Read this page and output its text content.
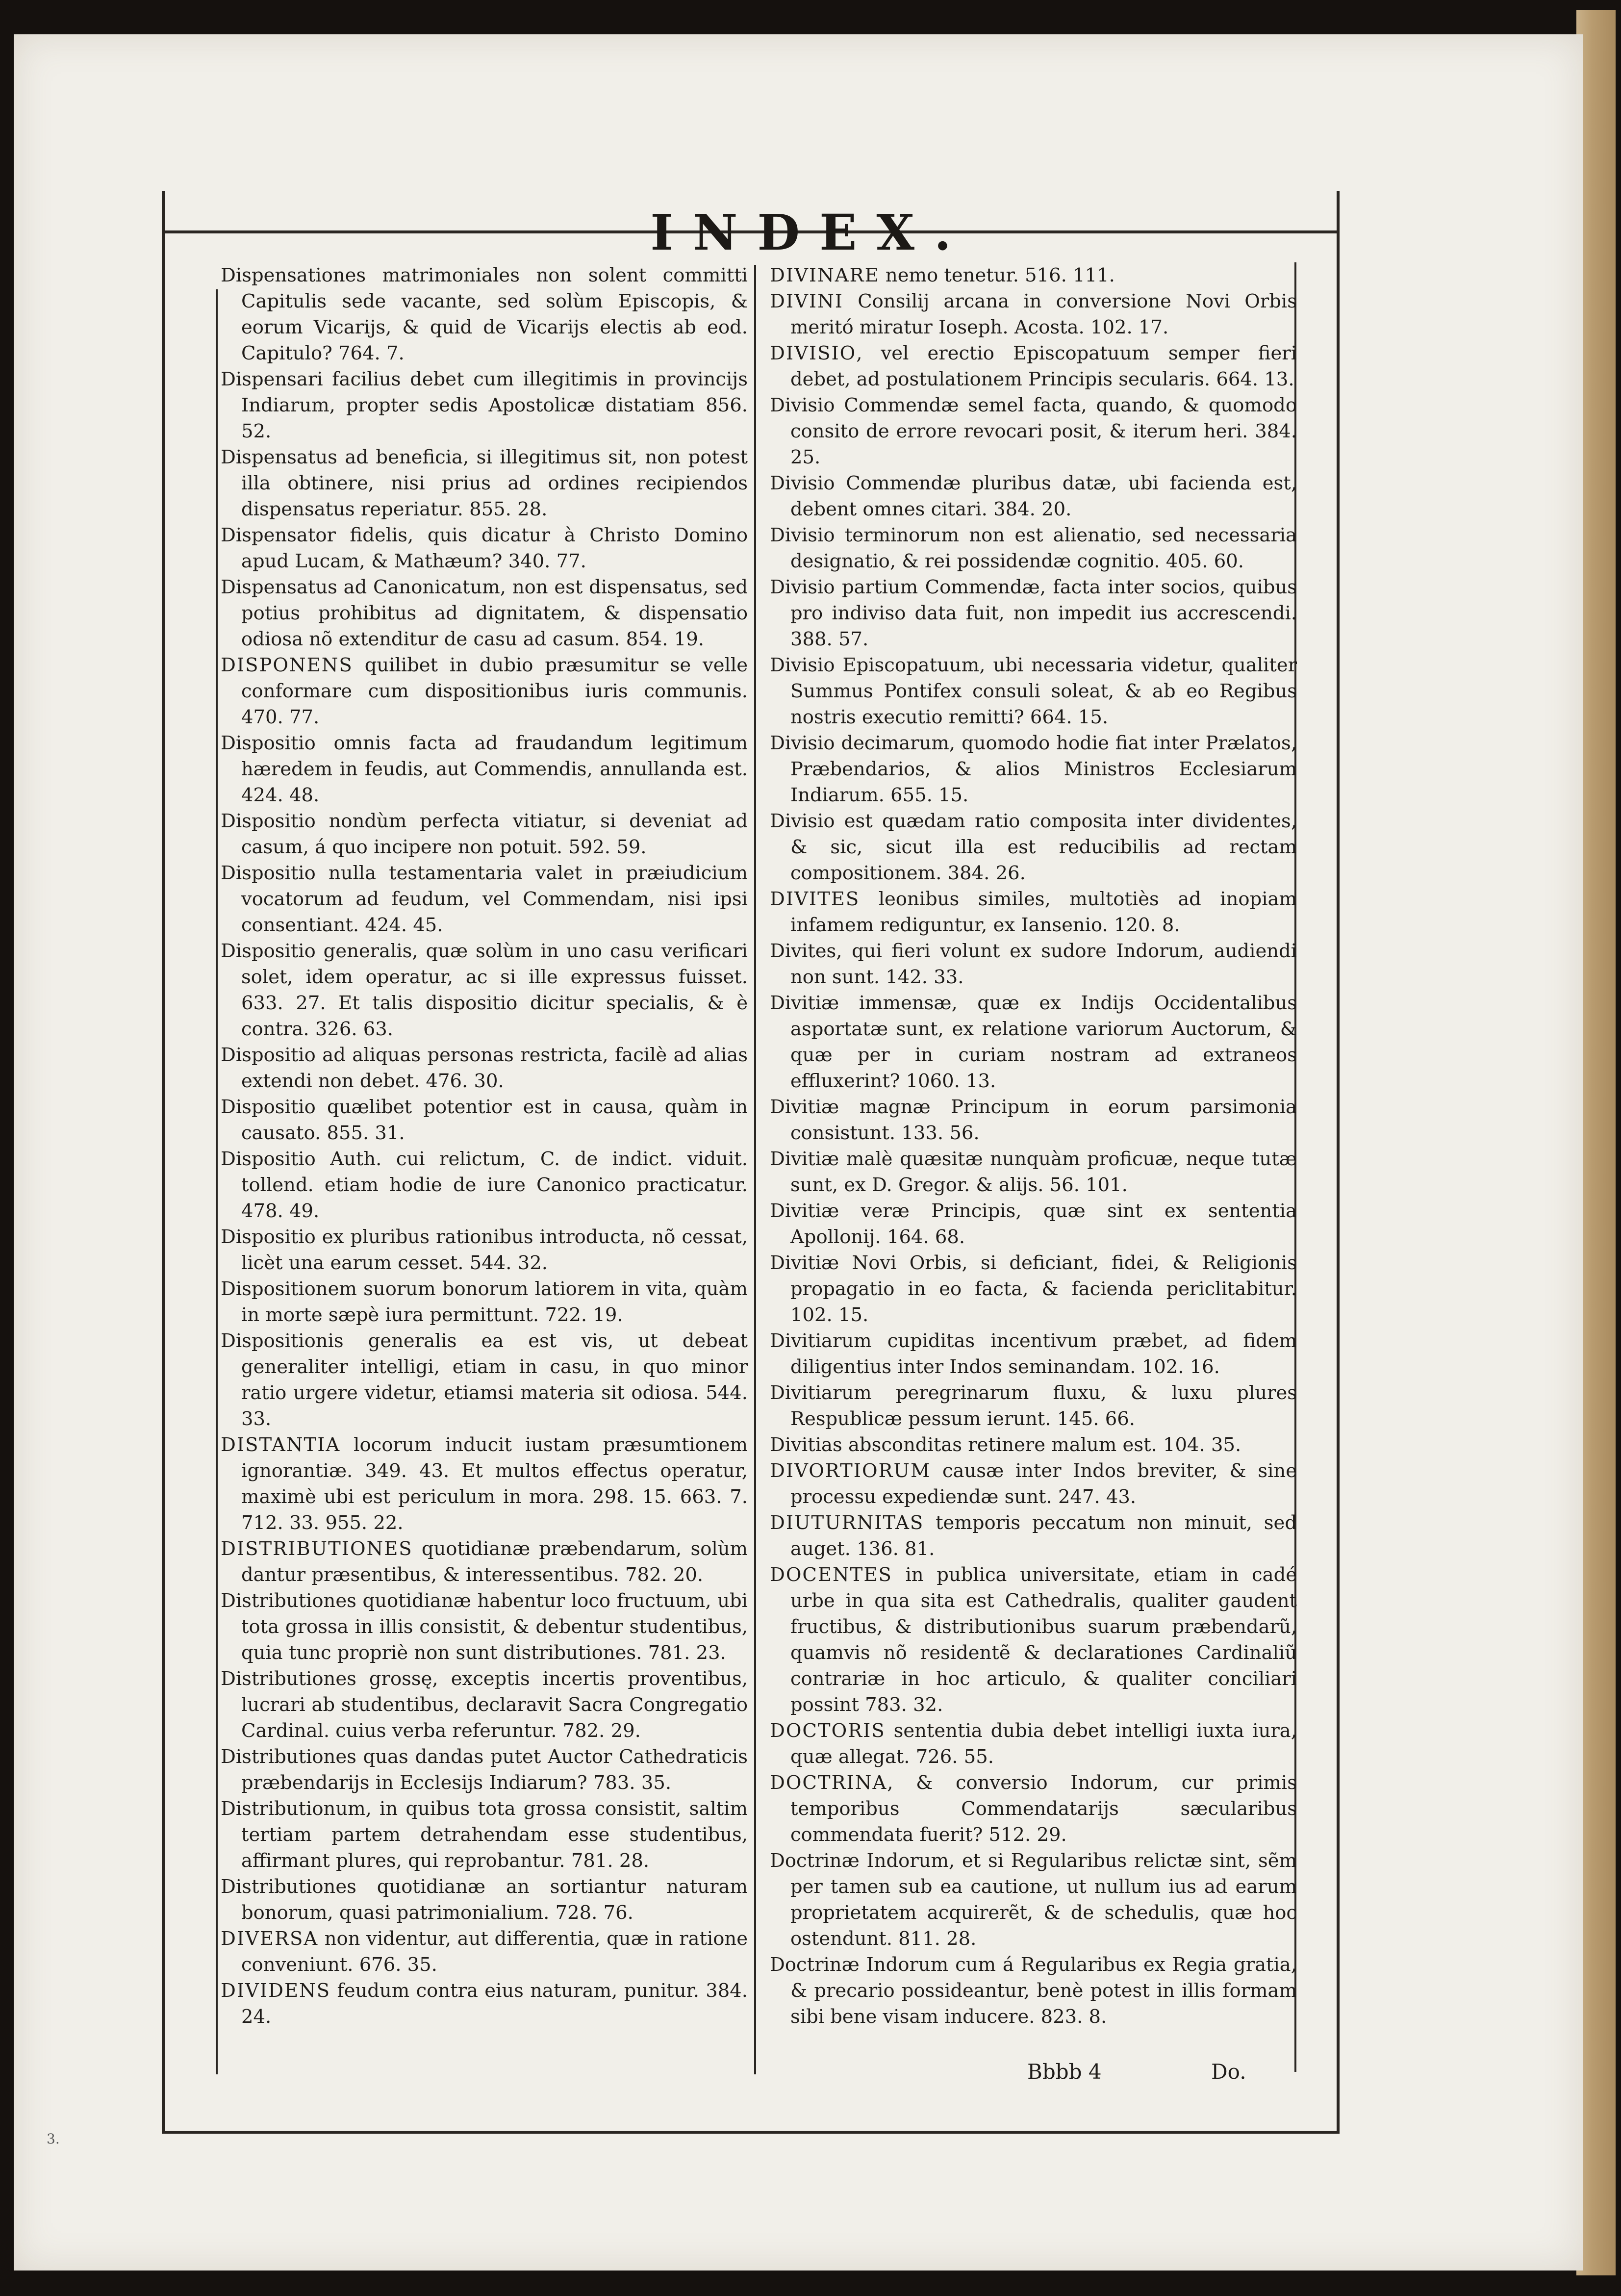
INDEX.

Dispensationes matrimoniales non solent committi Capitulis sede vacante, sed solùm Episcopis, & eorum Vicarijs, & quid de Vicarijs electis ab eod. Capitulo? 764. 7.

Dispensari facilius debet cum illegitimis in provincijs Indiarum, propter sedis Apostolicæ distatiam 856. 52.

Dispensatus ad beneficia, si illegitimus sit, non potest illa obtinere, nisi prius ad ordines recipiendos dispensatus reperiatur. 855. 28.

Dispensator fidelis, quis dicatur à Christo Domino apud Lucam, & Mathæum? 340. 77.

Dispensatus ad Canonicatum, non est dispensatus, sed potius prohibitus ad dignitatem, & dispensatio odiosa nõ extenditur de casu ad casum. 854. 19.

DISPONENS quilibet in dubio præsumitur se velle conformare cum dispositionibus iuris communis. 470. 77.

Dispositio omnis facta ad fraudandum legitimum hæredem in feudis, aut Commendis, annullanda est. 424. 48.

Dispositio nondùm perfecta vitiatur, si deveniat ad casum, á quo incipere non potuit. 592. 59.

Dispositio nulla testamentaria valet in præiudicium vocatorum ad feudum, vel Commendam, nisi ipsi consentiant. 424. 45.

Dispositio generalis, quæ solùm in uno casu verificari solet, idem operatur, ac si ille expressus fuisset. 633. 27. Et talis dispositio dicitur specialis, & è contra. 326. 63.

Dispositio ad aliquas personas restricta, facilè ad alias extendi non debet. 476. 30.

Dispositio quælibet potentior est in causa, quàm in causato. 855. 31.

Dispositio Auth. cui relictum, C. de indict. viduit. tollend. etiam hodie de iure Canonico practicatur. 478. 49.

Dispositio ex pluribus rationibus introducta, nõ cessat, licèt una earum cesset. 544. 32.

Dispositionem suorum bonorum latiorem in vita, quàm in morte sæpè iura permittunt. 722. 19.

Dispositionis generalis ea est vis, ut debeat generaliter intelligi, etiam in casu, in quo minor ratio urgere videtur, etiamsi materia sit odiosa. 544. 33.

DISTANTIA locorum inducit iustam præsumtionem ignorantiæ. 349. 43. Et multos effectus operatur, maximè ubi est periculum in mora. 298. 15. 663. 7. 712. 33. 955. 22.

DISTRIBUTIONES quotidianæ præbendarum, solùm dantur præsentibus, & interessentibus. 782. 20.

Distributiones quotidianæ habentur loco fructuum, ubi tota grossa in illis consistit, & debentur studentibus, quia tunc propriè non sunt distributiones. 781. 23.

Distributiones grossę, exceptis incertis proventibus, lucrari ab studentibus, declaravit Sacra Congregatio Cardinal. cuius verba referuntur. 782. 29.

Distributiones quas dandas putet Auctor Cathedraticis præbendarijs in Ecclesijs Indiarum? 783. 35.

Distributionum, in quibus tota grossa consistit, saltim tertiam partem detrahendam esse studentibus, affirmant plures, qui reprobantur. 781. 28.

Distributiones quotidianæ an sortiantur naturam bonorum, quasi patrimonialium. 728. 76.

DIVERSA non videntur, aut differentia, quæ in ratione conveniunt. 676. 35.

DIVIDENS feudum contra eius naturam, punitur. 384. 24.

DIVINARE nemo tenetur. 516. 111.

DIVINI Consilij arcana in conversione Novi Orbis meritó miratur Ioseph. Acosta. 102. 17.

DIVISIO, vel erectio Episcopatuum semper fieri debet, ad postulationem Principis secularis. 664. 13.

Divisio Commendæ semel facta, quando, & quomodo consito de errore revocari posit, & iterum heri. 384. 25.

Divisio Commendæ pluribus datæ, ubi facienda est, debent omnes citari. 384. 20.

Divisio terminorum non est alienatio, sed necessaria designatio, & rei possidendæ cognitio. 405. 60.

Divisio partium Commendæ, facta inter socios, quibus pro indiviso data fuit, non impedit ius accrescendi. 388. 57.

Divisio Episcopatuum, ubi necessaria videtur, qualiter Summus Pontifex consuli soleat, & ab eo Regibus nostris executio remitti? 664. 15.

Divisio decimarum, quomodo hodie fiat inter Prælatos, Præbendarios, & alios Ministros Ecclesiarum Indiarum. 655. 15.

Divisio est quædam ratio composita inter dividentes, & sic, sicut illa est reducibilis ad rectam compositionem. 384. 26.

DIVITES leonibus similes, multotiès ad inopiam infamem rediguntur, ex Iansenio. 120. 8.

Divites, qui fieri volunt ex sudore Indorum, audiendi non sunt. 142. 33.

Divitiæ immensæ, quæ ex Indijs Occidentalibus asportatæ sunt, ex relatione variorum Auctorum, & quæ per in curiam nostram ad extraneos effluxerint? 1060. 13.

Divitiæ magnæ Principum in eorum parsimonia consistunt. 133. 56.

Divitiæ malè quæsitæ nunquàm proficuæ, neque tutæ sunt, ex D. Gregor. & alijs. 56. 101.

Divitiæ veræ Principis, quæ sint ex sententia Apollonij. 164. 68.

Divitiæ Novi Orbis, si deficiant, fidei, & Religionis propagatio in eo facta, & facienda periclitabitur. 102. 15.

Divitiarum cupiditas incentivum præbet, ad fidem diligentius inter Indos seminandam. 102. 16.

Divitiarum peregrinarum fluxu, & luxu plures Respublicæ pessum ierunt. 145. 66.

Divitias absconditas retinere malum est. 104. 35.

DIVORTIORUM causæ inter Indos breviter, & sine processu expediendæ sunt. 247. 43.

DIUTURNITAS temporis peccatum non minuit, sed auget. 136. 81.

DOCENTES in publica universitate, etiam in cadé urbe in qua sita est Cathedralis, qualiter gaudent fructibus, & distributionibus suarum præbendarũ, quamvis nõ residentẽ & declarationes Cardinaliũ contrariæ in hoc articulo, & qualiter conciliari possint 783. 32.

DOCTORIS sententia dubia debet intelligi iuxta iura, quæ allegat. 726. 55.

DOCTRINA, & conversio Indorum, cur primis temporibus Commendatarijs sæcularibus commendata fuerit? 512. 29.

Doctrinæ Indorum, et si Regularibus relictæ sint, sẽm per tamen sub ea cautione, ut nullum ius ad earum proprietatem acquirerẽt, & de schedulis, quæ hoc ostendunt. 811. 28.

Doctrinæ Indorum cum á Regularibus ex Regia gratia, & precario possideantur, benè potest in illis formam sibi bene visam inducere. 823. 8.

Bbbb 4	Do.
3.
